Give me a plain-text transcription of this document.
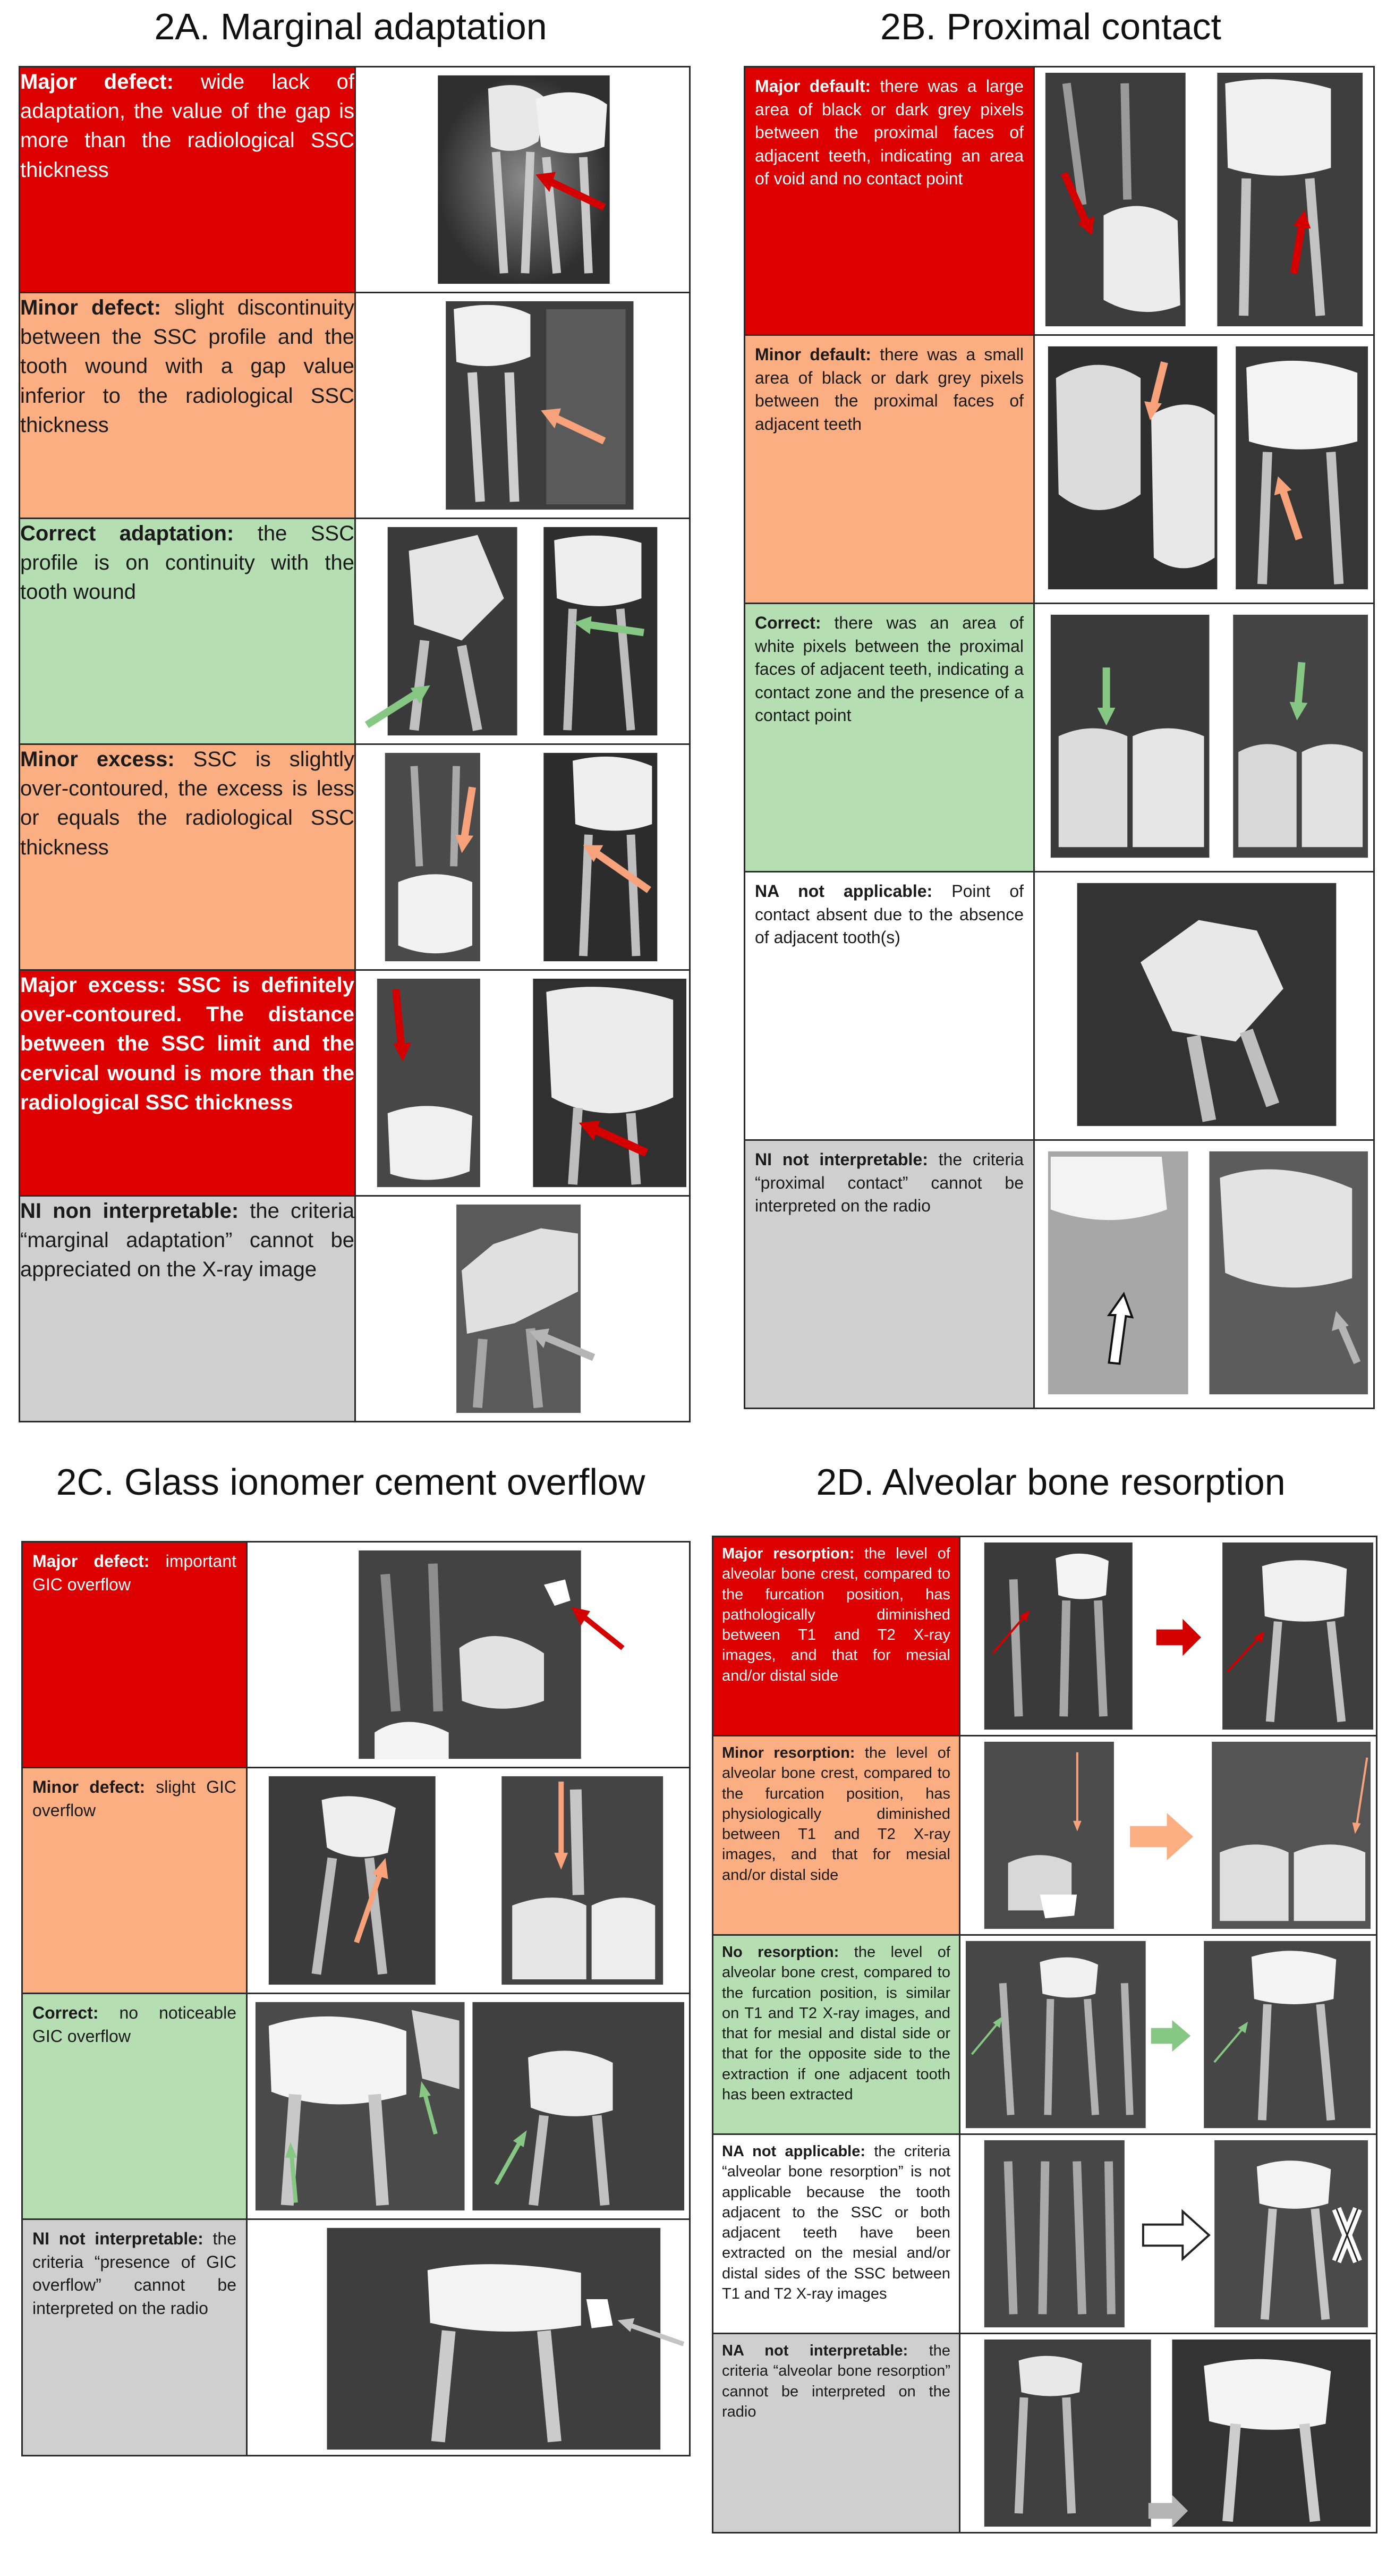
2A. Marginal adaptation
Major defect: wide lack of adaptation, the value of the gap is more than the radiological SSC thickness	

Minor defect: slight discontinuity between the SSC profile and the tooth wound with a gap value inferior to the radiological SSC thickness	

Correct adaptation: the SSC profile is on continuity with the tooth wound	

Minor excess: SSC is slightly over-contoured, the excess is less or equals the radiological SSC thickness	

Major excess: SSC is definitely over-contoured. The distance between the SSC limit and the cervical wound is more than the radiological SSC thickness	

NI non interpretable: the criteria “marginal adaptation” cannot be appreciated on the X-ray image	
2B. Proximal contact
Major default: there was a large area of black or dark grey pixels between the proximal faces of adjacent teeth, indicating an area of void and no contact point	

Minor default: there was a small area of black or dark grey pixels between the proximal faces of adjacent teeth	

Correct: there was an area of white pixels between the proximal faces of adjacent teeth, indicating a contact zone and the presence of a contact point	

NA not applicable: Point of contact absent due to the absence of adjacent tooth(s)	

NI not interpretable: the criteria “proximal contact” cannot be interpreted on the radio	
2C. Glass ionomer cement overflow
Major defect: important GIC overflow	

Minor defect: slight GIC overflow	

Correct: no noticeable GIC overflow	

NI not interpretable: the criteria “presence of GIC overflow” cannot be interpreted on the radio	
2D. Alveolar bone resorption
Major resorption: the level of alveolar bone crest, compared to the furcation position, has pathologically diminished between T1 and T2 X-ray images, and that for mesial and/or distal side	

Minor resorption: the level of alveolar bone crest, compared to the furcation position, has physiologically diminished between T1 and T2 X-ray images, and that for mesial and/or distal side	

No resorption: the level of alveolar bone crest, compared to the furcation position, is similar on T1 and T2 X-ray images, and that for mesial and distal side or that for the opposite side to the extraction if one adjacent tooth has been extracted	

NA not applicable: the criteria “alveolar bone resorption” is not applicable because the tooth adjacent to the SSC or both adjacent teeth have been extracted on the mesial and/or distal sides of the SSC between T1 and T2 X-ray images	

NA not interpretable: the criteria “alveolar bone resorption” cannot be interpreted on the radio	
